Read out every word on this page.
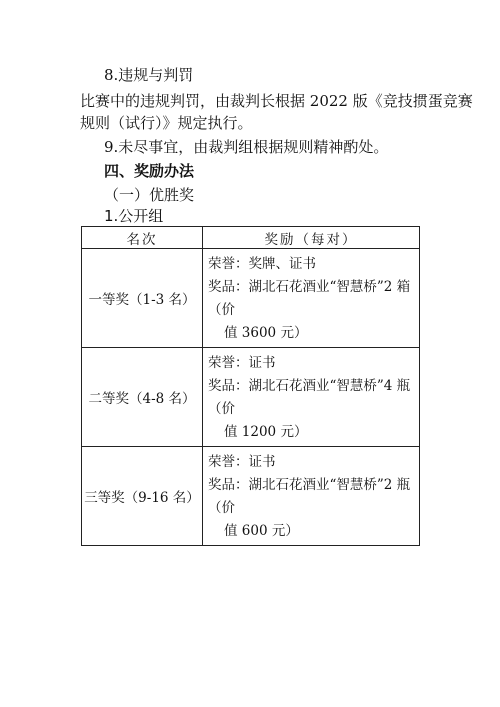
8.违规与判罚
比赛中的违规判罚，由裁判长根据 2022 版《竞技掼蛋竞赛
规则（试行）》规定执行。
9.未尽事宜，由裁判组根据规则精神酌处。
四、奖励办法
（一）优胜奖
1.公开组
名次	奖励（每对）
一等奖（1-3 名）	荣誉：奖牌、证书
奖品：湖北石花酒业“智慧桥”2 箱（价
值 3600 元）

二等奖（4-8 名）	荣誉：证书
奖品：湖北石花酒业“智慧桥”4 瓶（价
值 1200 元）

三等奖（9-16 名）	荣誉：证书
奖品：湖北石花酒业“智慧桥”2 瓶（价
值 600 元）
